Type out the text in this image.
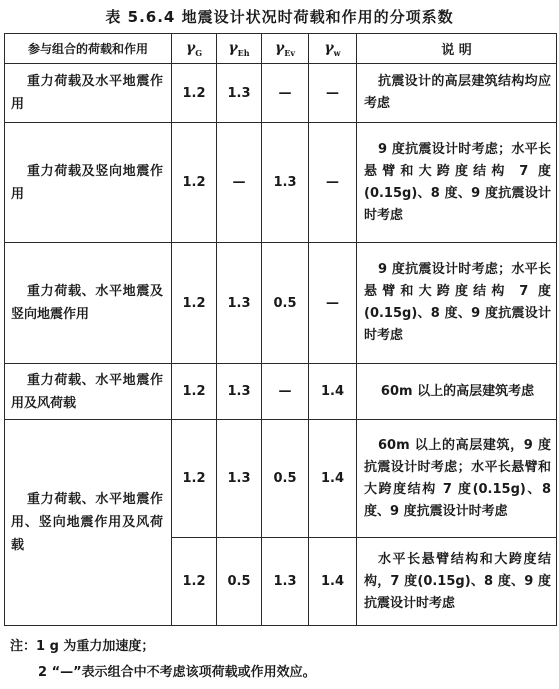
表 5.6.4 地震设计状况时荷载和作用的分项系数
参与组合的荷载和作用	$\gamma_G$	$\gamma_{Eh}$	$\gamma_{Ev}$	$\gamma_w$	说 明
重力荷载及水平地震作用	1.2	1.3	—	—	抗震设计的高层建筑结构均应考虑
重力荷载及竖向地震作用	1.2	—	1.3	—	9 度抗震设计时考虑；水平长悬臂和大跨度结构 7 度(0.15g)、8 度、9 度抗震设计时考虑
重力荷载、水平地震及竖向地震作用	1.2	1.3	0.5	—	9 度抗震设计时考虑；水平长悬臂和大跨度结构 7 度(0.15g)、8 度、9 度抗震设计时考虑
重力荷载、水平地震作用及风荷载	1.2	1.3	—	1.4	60m 以上的高层建筑考虑
重力荷载、水平地震作用、竖向地震作用及风荷载	1.2	1.3	0.5	1.4	60m 以上的高层建筑，9 度抗震设计时考虑；水平长悬臂和大跨度结构 7 度(0.15g)、8 度、9 度抗震设计时考虑
	1.2	0.5	1.3	1.4	水平长悬臂结构和大跨度结构，7 度(0.15g)、8 度、9 度抗震设计时考虑
注：1 g 为重力加速度；
2 “—”表示组合中不考虑该项荷载或作用效应。
